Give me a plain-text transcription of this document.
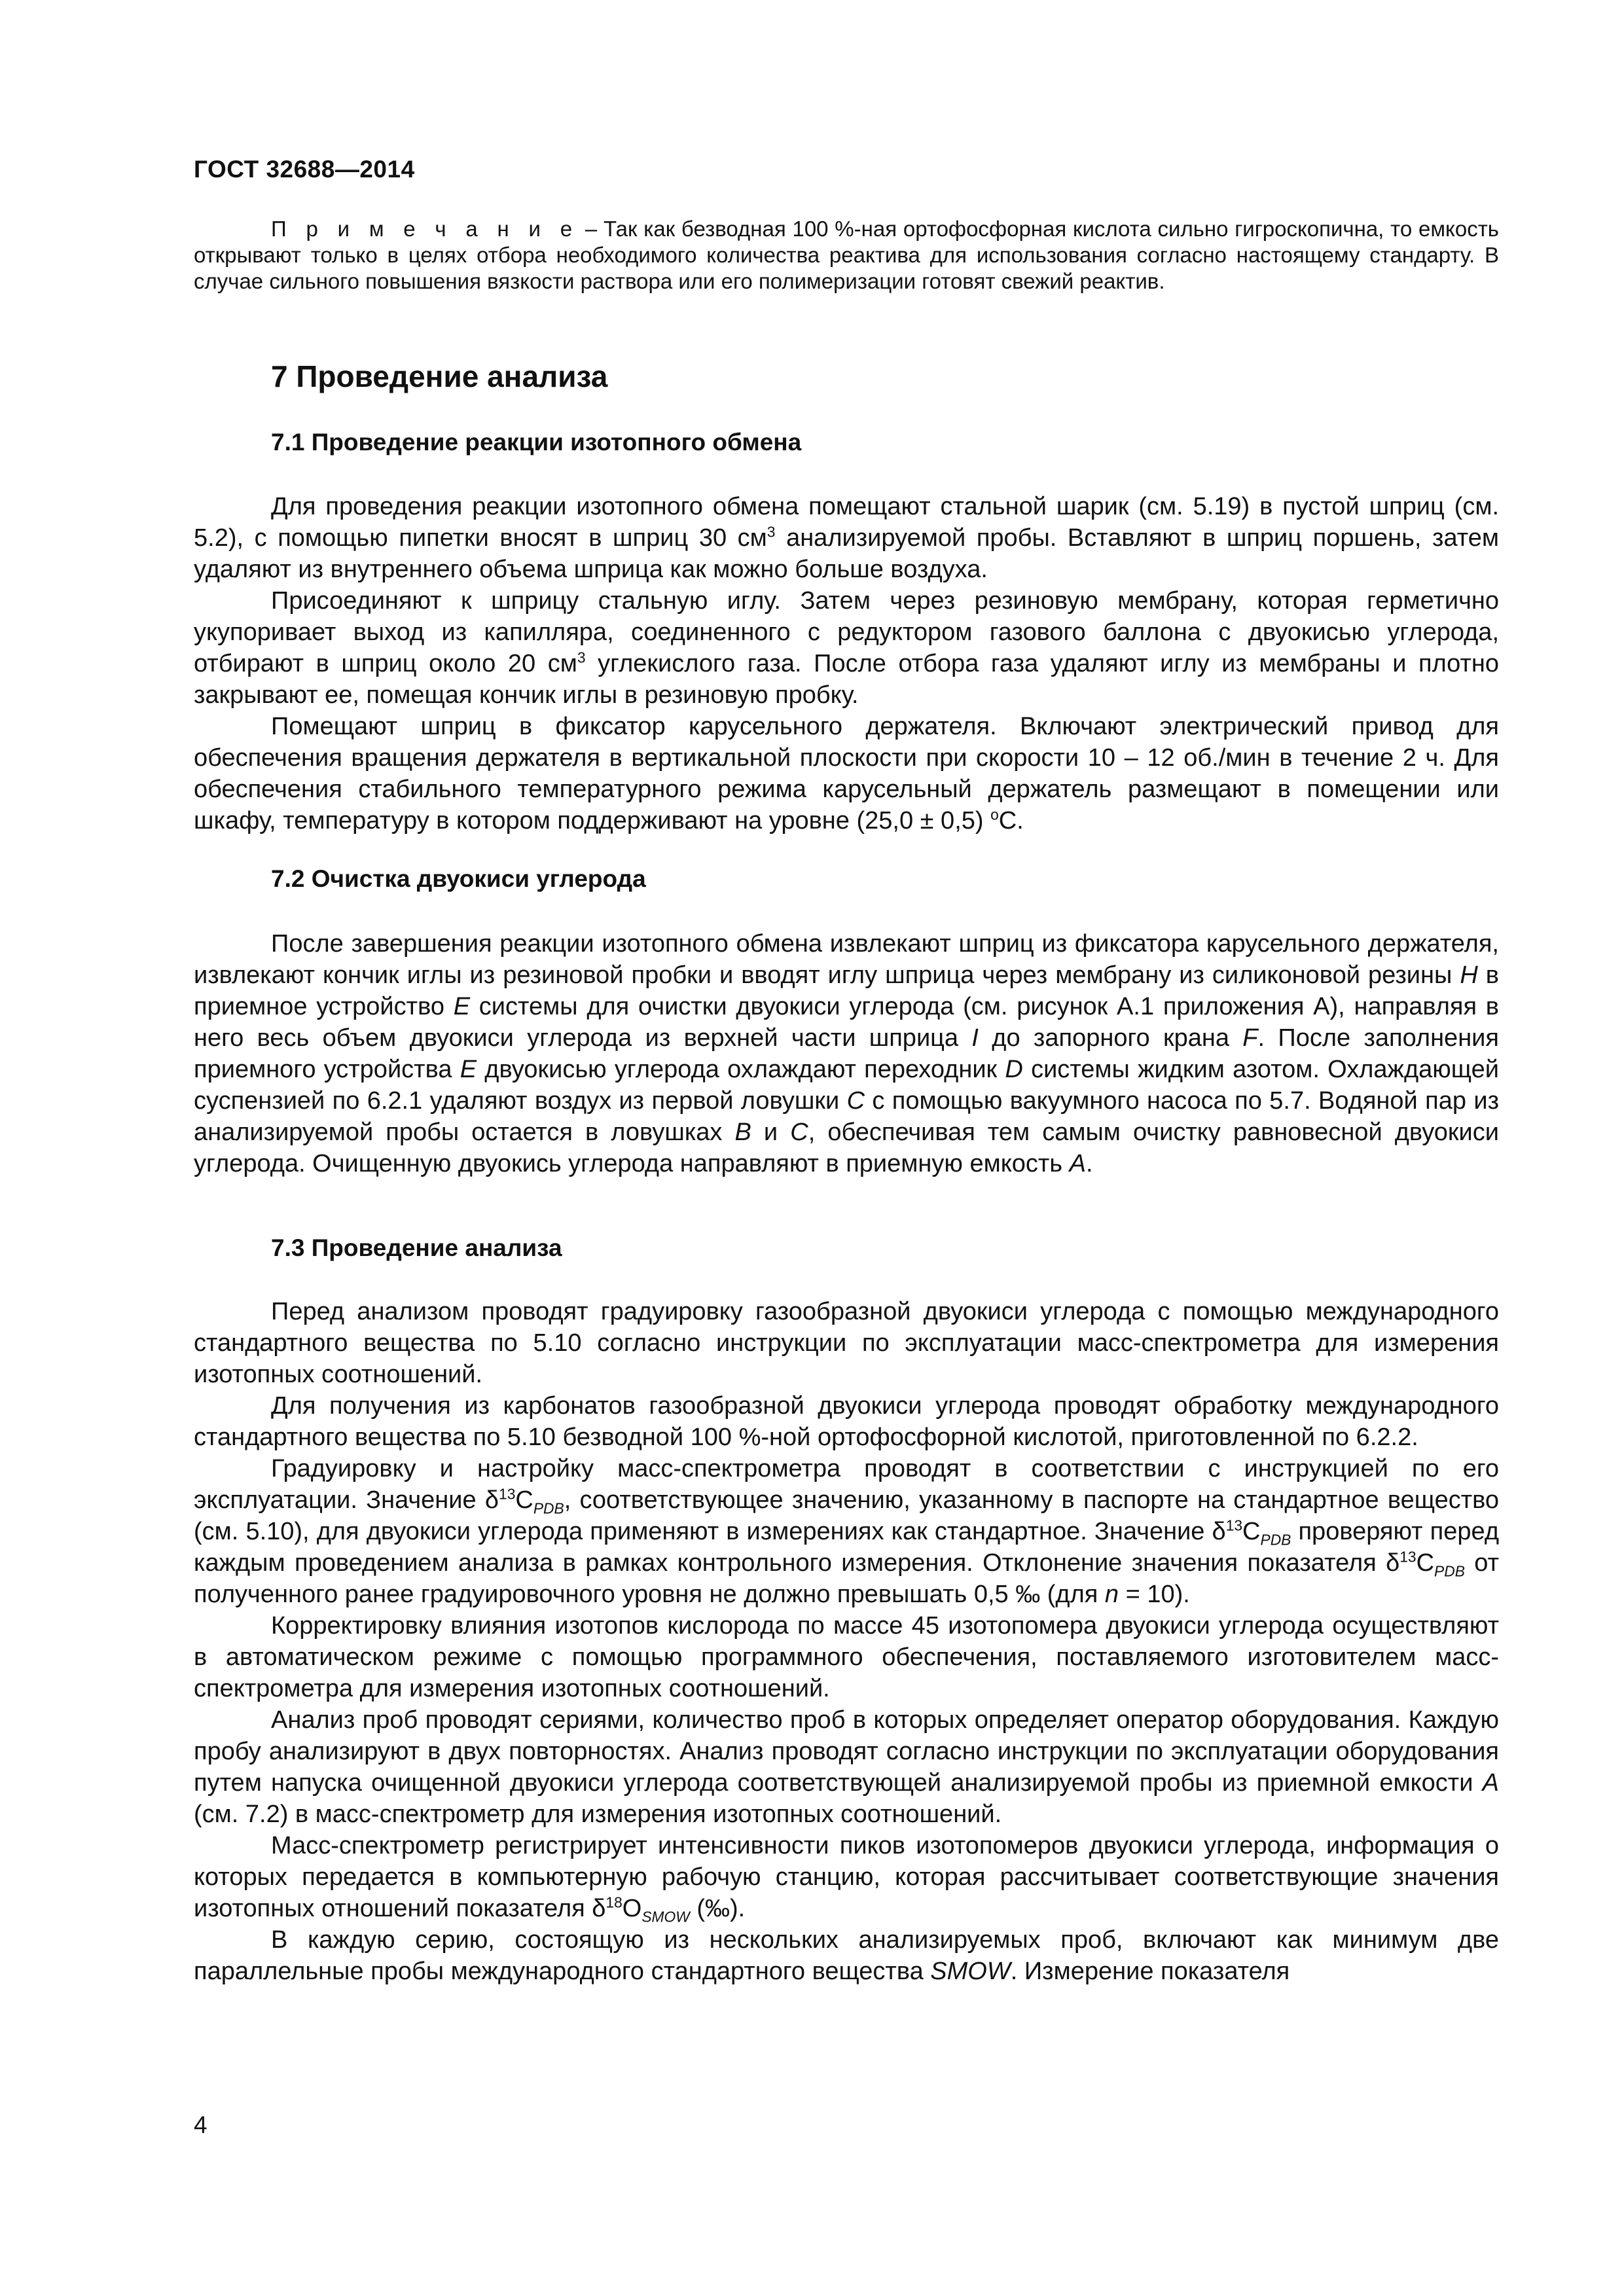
ГОСТ 32688—2014
П р и м е ч а н и е – Так как безводная 100 %-ная ортофосфорная кислота сильно гигроскопична, то емкость открывают только в целях отбора необходимого количества реактива для использования согласно настоящему стандарту. В случае сильного повышения вязкости раствора или его полимеризации готовят свежий реактив.
7 Проведение анализа
7.1 Проведение реакции изотопного обмена

Для проведения реакции изотопного обмена помещают стальной шарик (см. 5.19) в пустой шприц (см. 5.2), с помощью пипетки вносят в шприц 30 $см^3$ анализируемой пробы. Вставляют в шприц поршень, затем удаляют из внутреннего объема шприца как можно больше воздуха.

Присоединяют к шприцу стальную иглу. Затем через резиновую мембрану, которая герметично укупоривает выход из капилляра, соединенного с редуктором газового баллона с двуокисью углерода, отбирают в шприц около 20 $см^3$ углекислого газа. После отбора газа удаляют иглу из мембраны и плотно закрывают ее, помещая кончик иглы в резиновую пробку.

Помещают шприц в фиксатор карусельного держателя. Включают электрический привод для обеспечения вращения держателя в вертикальной плоскости при скорости 10 – 12 об./мин в течение 2 ч. Для обеспечения стабильного температурного режима карусельный держатель размещают в помещении или шкафу, температуру в котором поддерживают на уровне (25,0 ± 0,5) $^o$С.

7.2 Очистка двуокиси углерода

После завершения реакции изотопного обмена извлекают шприц из фиксатора карусельного держателя, извлекают кончик иглы из резиновой пробки и вводят иглу шприца через мембрану из силиконовой резины H в приемное устройство E системы для очистки двуокиси углерода (см. рисунок А.1 приложения А), направляя в него весь объем двуокиси углерода из верхней части шприца I до запорного крана F. После заполнения приемного устройства E двуокисью углерода охлаждают переходник D системы жидким азотом. Охлаждающей суспензией по 6.2.1 удаляют воздух из первой ловушки C с помощью вакуумного насоса по 5.7. Водяной пар из анализируемой пробы остается в ловушках B и C, обеспечивая тем самым очистку равновесной двуокиси углерода. Очищенную двуокись углерода направляют в приемную емкость A.

7.3 Проведение анализа

Перед анализом проводят градуировку газообразной двуокиси углерода с помощью международного стандартного вещества по 5.10 согласно инструкции по эксплуатации масс-спектрометра для измерения изотопных соотношений.

Для получения из карбонатов газообразной двуокиси углерода проводят обработку международного стандартного вещества по 5.10 безводной 100 %-ной ортофосфорной кислотой, приготовленной по 6.2.2.

Градуировку и настройку масс-спектрометра проводят в соответствии с инструкцией по его эксплуатации. Значение $\delta^{13}C_{PDB}$, соответствующее значению, указанному в паспорте на стандартное вещество (см. 5.10), для двуокиси углерода применяют в измерениях как стандартное. Значение $\delta^{13}C_{PDB}$ проверяют перед каждым проведением анализа в рамках контрольного измерения. Отклонение значения показателя $\delta^{13}C_{PDB}$ от полученного ранее градуировочного уровня не должно превышать 0,5 ‰ (для n = 10).

Корректировку влияния изотопов кислорода по массе 45 изотопомера двуокиси углерода осуществляют в автоматическом режиме с помощью программного обеспечения, поставляемого изготовителем масс-спектрометра для измерения изотопных соотношений.

Анализ проб проводят сериями, количество проб в которых определяет оператор оборудования. Каждую пробу анализируют в двух повторностях. Анализ проводят согласно инструкции по эксплуатации оборудования путем напуска очищенной двуокиси углерода соответствующей анализируемой пробы из приемной емкости A (см. 7.2) в масс-спектрометр для измерения изотопных соотношений.

Масс-спектрометр регистрирует интенсивности пиков изотопомеров двуокиси углерода, информация о которых передается в компьютерную рабочую станцию, которая рассчитывает соответствующие значения изотопных отношений показателя $\delta^{18}O_{SMOW}$ (‰).

В каждую серию, состоящую из нескольких анализируемых проб, включают как минимум две параллельные пробы международного стандартного вещества SMOW. Измерение показателя

4
